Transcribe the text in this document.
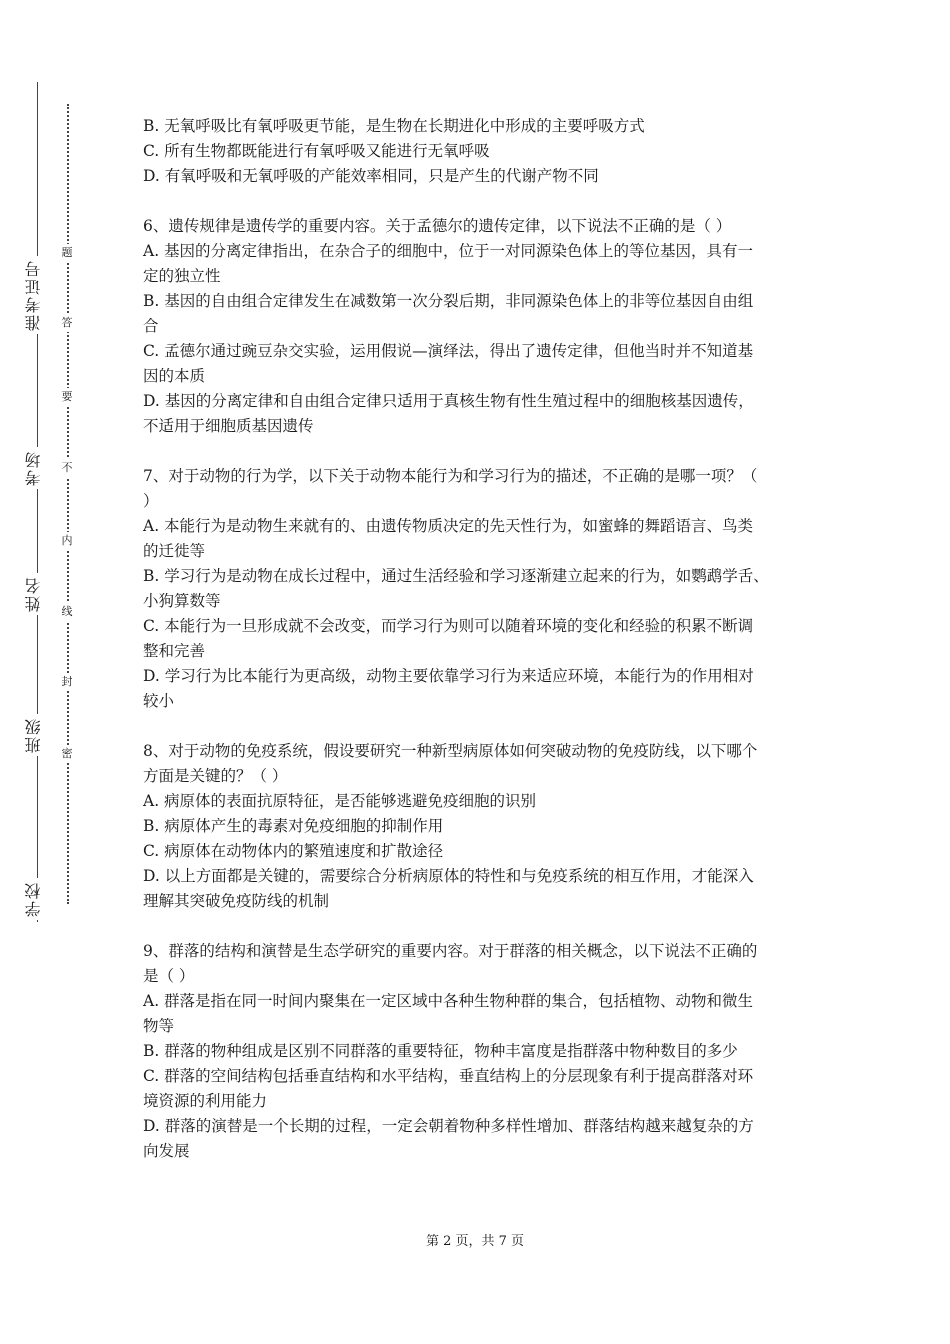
准考证号
考场
姓名
班级
学校
题
答
要
不
内
线
封
密

B. 无氧呼吸比有氧呼吸更节能，是生物在长期进化中形成的主要呼吸方式

C. 所有生物都既能进行有氧呼吸又能进行无氧呼吸

D. 有氧呼吸和无氧呼吸的产能效率相同，只是产生的代谢产物不同

6、遗传规律是遗传学的重要内容。关于孟德尔的遗传定律，以下说法不正确的是（ ）

A. 基因的分离定律指出，在杂合子的细胞中，位于一对同源染色体上的等位基因，具有一

定的独立性

B. 基因的自由组合定律发生在减数第一次分裂后期，非同源染色体上的非等位基因自由组

合

C. 孟德尔通过豌豆杂交实验，运用假说—演绎法，得出了遗传定律，但他当时并不知道基

因的本质

D. 基因的分离定律和自由组合定律只适用于真核生物有性生殖过程中的细胞核基因遗传，

不适用于细胞质基因遗传

7、对于动物的行为学，以下关于动物本能行为和学习行为的描述，不正确的是哪一项？（

）

A. 本能行为是动物生来就有的、由遗传物质决定的先天性行为，如蜜蜂的舞蹈语言、鸟类

的迁徙等

B. 学习行为是动物在成长过程中，通过生活经验和学习逐渐建立起来的行为，如鹦鹉学舌、

小狗算数等

C. 本能行为一旦形成就不会改变，而学习行为则可以随着环境的变化和经验的积累不断调

整和完善

D. 学习行为比本能行为更高级，动物主要依靠学习行为来适应环境，本能行为的作用相对

较小

8、对于动物的免疫系统，假设要研究一种新型病原体如何突破动物的免疫防线，以下哪个

方面是关键的？（ ）

A. 病原体的表面抗原特征，是否能够逃避免疫细胞的识别

B. 病原体产生的毒素对免疫细胞的抑制作用

C. 病原体在动物体内的繁殖速度和扩散途径

D. 以上方面都是关键的，需要综合分析病原体的特性和与免疫系统的相互作用，才能深入

理解其突破免疫防线的机制

9、群落的结构和演替是生态学研究的重要内容。对于群落的相关概念，以下说法不正确的

是（ ）

A. 群落是指在同一时间内聚集在一定区域中各种生物种群的集合，包括植物、动物和微生

物等

B. 群落的物种组成是区别不同群落的重要特征，物种丰富度是指群落中物种数目的多少

C. 群落的空间结构包括垂直结构和水平结构，垂直结构上的分层现象有利于提高群落对环

境资源的利用能力

D. 群落的演替是一个长期的过程，一定会朝着物种多样性增加、群落结构越来越复杂的方

向发展

第 2 页，共 7 页
